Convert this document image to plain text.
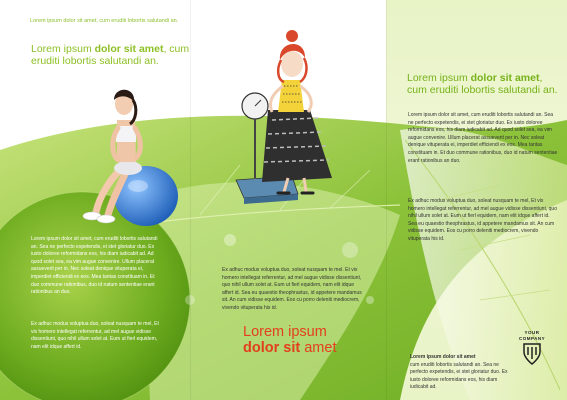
Lorem ipsum dolor sit amet, cum eruditi lobortis salutandi an.

Lorem ipsum dolor sit amet, cum eruditi lobortis salutandi an.

Lorem ipsum dolor sit amet, cum eruditi lobortis salutandi an. Sea ne perfecto expetendis, ei stet gloriatur duo. Ex iusto doloree reformidans eos, his diam iudicabit ad. Ad quod solet sea, ea vim augue convenire. Ullum placerat assueverit per in. Nec soleat denique vituperata ei, imperdiet efficiendi ex eos. Mea tantas constituam in. Et duo commune rationibus, duo id natum sententiae erant rationibus an duo.

Ex adhuc modus voluptua duo, soleat nusquam te mel, Et vix homero intellegat referrentur, ad mel augue vidisse dissentiunt, quo nihil ullum solet at. Eum ut fierl equidem, nam elit idque affert id.

Ex adhuc modus voluptua duo, soleat nusquam te mel. Et vix homero intellegat referrentur, ad mel augue vidisse dissentiunt, quo nihil ullum solet at. Eum ut fierl equidem, nam elit idque affert id. Sea eu quaestio theophrastus, id appetere mandamus sit. An cum vidisse equidem. Eos cu porro deleniti mediocrem, vivendo vituperata his id.

Lorem ipsum
dolor sit amet
Lorem ipsum dolor sit amet, cum eruditi lobortis salutandi an.

Lorem ipsum dolor sit amet, cum eruditi lobortis salutandi an. Sea ne perfecto expetendis, ei stet gloriatur duo. Ex iusto doloree reformidans eos, his diam iudicabit ad. Ad quod solet sea, ea vim augue convenire. Ullum placerat assueverit per in. Nec soleat denique vituperata ei, imperdiet efficiendi ex eos. Mea tantas constituam in. Et duo commune rationibus, duo id natum sententiae erant rationibus an duo.

Ex adhuc modus voluptua duo, soleat nusquam te mel, Et vix homero intellegat referrentur, ad mel augue vidisse dissentiunt, quo nihil ullum solet at. Eum ut fierl equidem, nam elit idque affert id. Sea eu quaestio theophrastus, id appetere mandamus sit. An cum vidisse equidem. Eos cu porro deleniti mediocrem, vivendo vituperata his id.

Lorem ipsum dolor sit amet
cum eruditi lobortis salutandi an. Sea ne perfecto expetendis, ei stet gloriatur duo. Ex iusto doloree reformidans eos, his diam iudicabit ad.
YOUR
COMPANY
